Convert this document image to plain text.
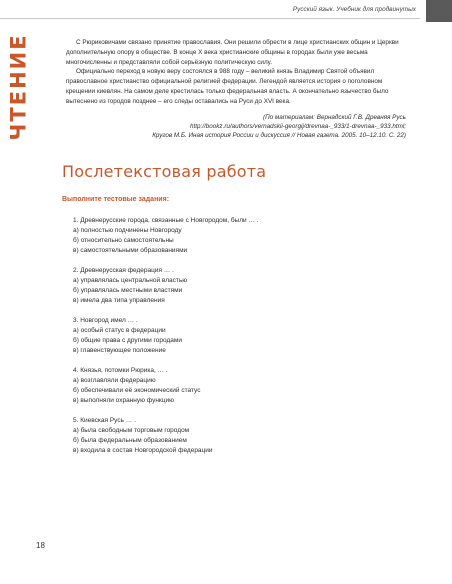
Русский язык. Учебник для продвинутых
ЧТЕНИЕ	С Рюриковичами связано принятие православия. Они решили обрести в лице христианских общин и Церкви дополнительную опору в обществе. В конце X века христианские общины в городах были уже весьма многочисленны и представляли собой серьёзную политическую силу.

Официально переход в новую веру состоялся в 988 году – великий князь Владимир Святой объявил православное христианство официальной религией федерации. Легендой является история о поголовном крещении киевлян. На самом деле крестилась только федеральная власть. А окончательно язычество было вытеснено из городов позднее – его следы оставались на Руси до XVI века.

(По материалам: Вернадский Г.В. Древняя Русь
http://bookz.ru/authors/vernadskii-georgij/drevnaa-_933/1-drevnaa-_933.html;
Кругов М.Б. Иная история России и дискуссия // Новая газета. 2005. 10–12.10. С. 22)
Послетекстовая работа
Выполните тестовые задания:
1. Древнерусские города, связанные с Новгородом, были … .
а) полностью подчинены Новгороду
б) относительно самостоятельны
в) самостоятельными образованиями
2. Древнерусская федерация … .
а) управлялась центральной властью
б) управлялась местными властями
в) имела два типа управления
3. Новгород имел … .
а) особый статус в федерации
б) общие права с другими городами
в) главенствующее положение
4. Князья, потомки Рюрика, … .
а) возглавляли федерацию
б) обеспечивали её экономический статус
в) выполняли охранную функцию
5. Киевская Русь … .
а) была свободным торговым городом
б) была федеральным образованием
в) входила в состав Новгородской федерации
18
